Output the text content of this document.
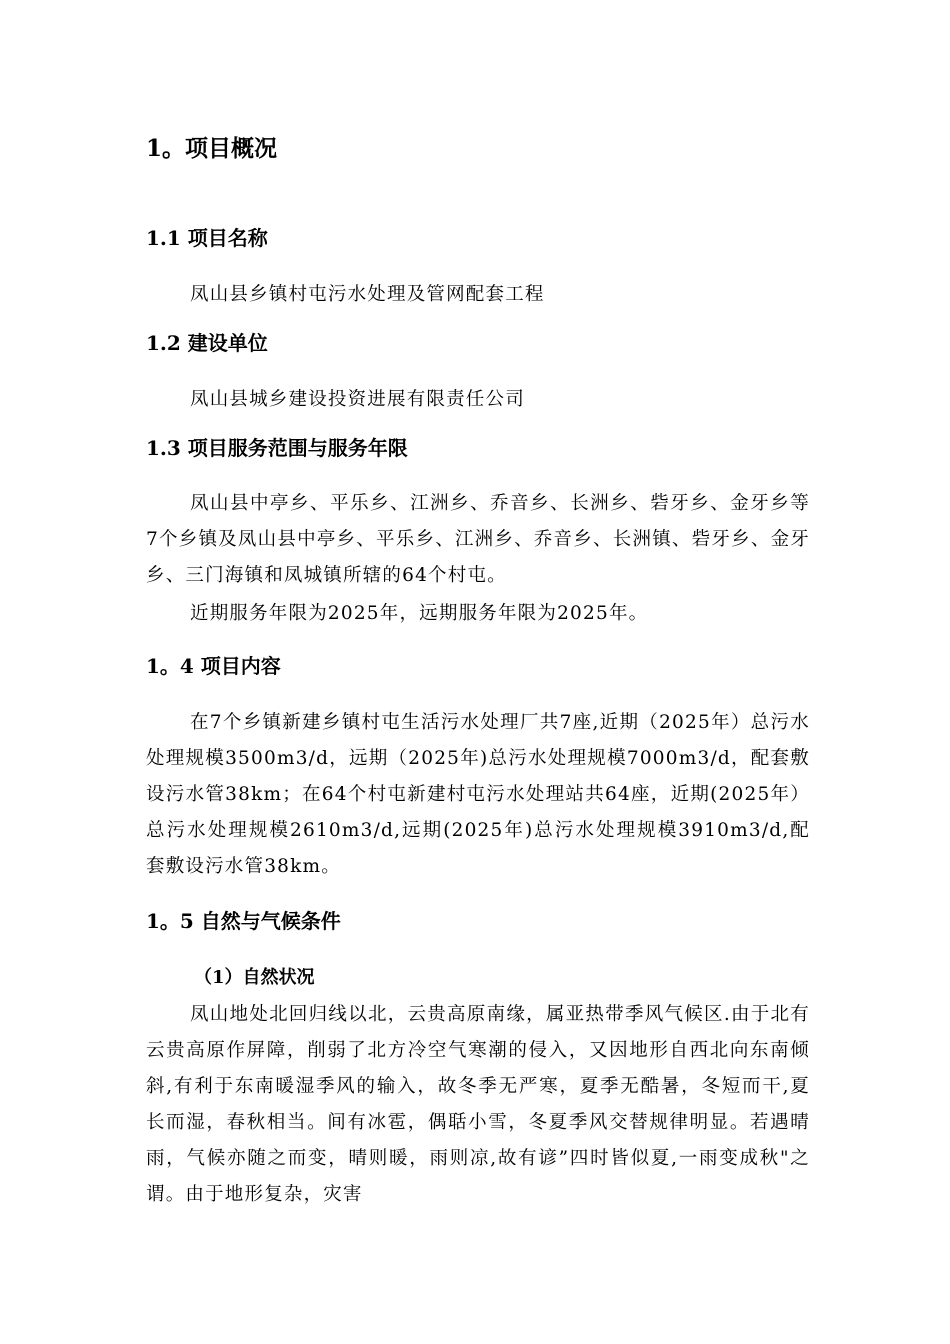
1。项目概况
1.1 项目名称

凤山县乡镇村屯污水处理及管网配套工程

1.2 建设单位

凤山县城乡建设投资进展有限责任公司

1.3 项目服务范围与服务年限

凤山县中亭乡、平乐乡、江洲乡、乔音乡、长洲乡、砦牙乡、金牙乡等7个乡镇及凤山县中亭乡、平乐乡、江洲乡、乔音乡、长洲镇、砦牙乡、金牙乡、三门海镇和凤城镇所辖的64个村屯。

近期服务年限为2025年，远期服务年限为2025年。

1。4 项目内容

在7个乡镇新建乡镇村屯生活污水处理厂共7座,近期（2025年）总污水处理规模3500m3/d，远期（2025年)总污水处理规模7000m3/d，配套敷设污水管38km；在64个村屯新建村屯污水处理站共64座，近期(2025年）总污水处理规模2610m3/d,远期(2025年)总污水处理规模3910m3/d,配套敷设污水管38km。

1。5 自然与气候条件
（1）自然状况

凤山地处北回归线以北，云贵高原南缘，属亚热带季风气候区.由于北有云贵高原作屏障，削弱了北方冷空气寒潮的侵入，又因地形自西北向东南倾斜,有利于东南暖湿季风的输入，故冬季无严寒，夏季无酷暑，冬短而干,夏长而湿，春秋相当。间有冰雹，偶聒小雪，冬夏季风交替规律明显。若遇晴雨，气候亦随之而变，晴则暖，雨则凉,故有谚”四时皆似夏,一雨变成秋"之谓。由于地形复杂，灾害
